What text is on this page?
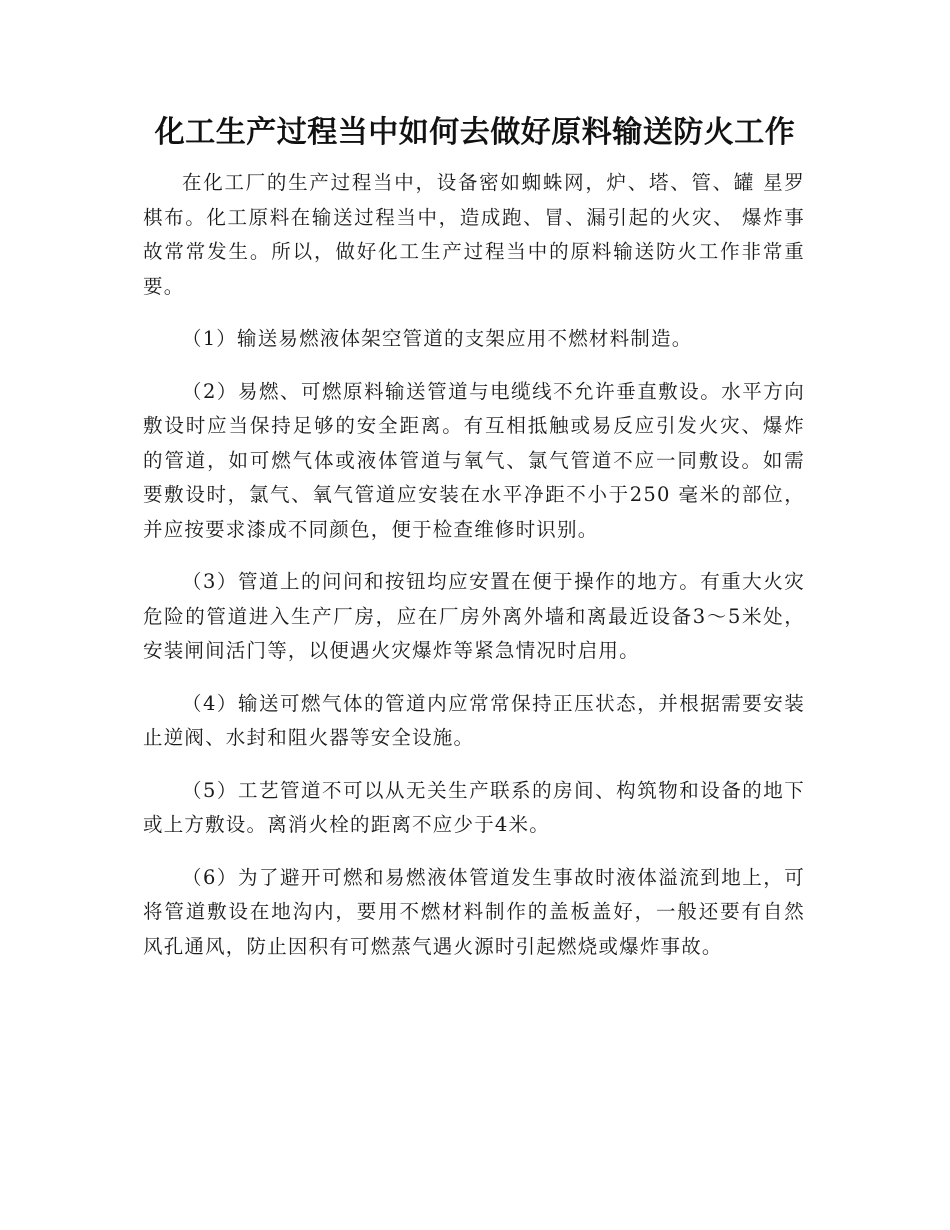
化工生产过程当中如何去做好原料输送防火工作

在化工厂的生产过程当中，设备密如蜘蛛网，炉、塔、管、罐 星罗棋布。化工原料在输送过程当中，造成跑、冒、漏引起的火灾、 爆炸事故常常发生。所以，做好化工生产过程当中的原料输送防火工作非常重要。

（1）输送易燃液体架空管道的支架应用不燃材料制造。

（2）易燃、可燃原料输送管道与电缆线不允许垂直敷设。水平方向敷设时应当保持足够的安全距离。有互相抵触或易反应引发火灾、爆炸的管道，如可燃气体或液体管道与氧气、氯气管道不应一同敷设。如需要敷设时，氯气、氧气管道应安装在水平净距不小于250 毫米的部位，并应按要求漆成不同颜色，便于检查维修时识别。

（3）管道上的问问和按钮均应安置在便于操作的地方。有重大火灾危险的管道进入生产厂房，应在厂房外离外墙和离最近设备3～5米处，安装闸间活门等，以便遇火灾爆炸等紧急情况时启用。

（4）输送可燃气体的管道内应常常保持正压状态，并根据需要安装止逆阀、水封和阻火器等安全设施。

（5）工艺管道不可以从无关生产联系的房间、构筑物和设备的地下或上方敷设。离消火栓的距离不应少于4米。

（6）为了避开可燃和易燃液体管道发生事故时液体溢流到地上，可将管道敷设在地沟内，要用不燃材料制作的盖板盖好，一般还要有自然风孔通风，防止因积有可燃蒸气遇火源时引起燃烧或爆炸事故。
